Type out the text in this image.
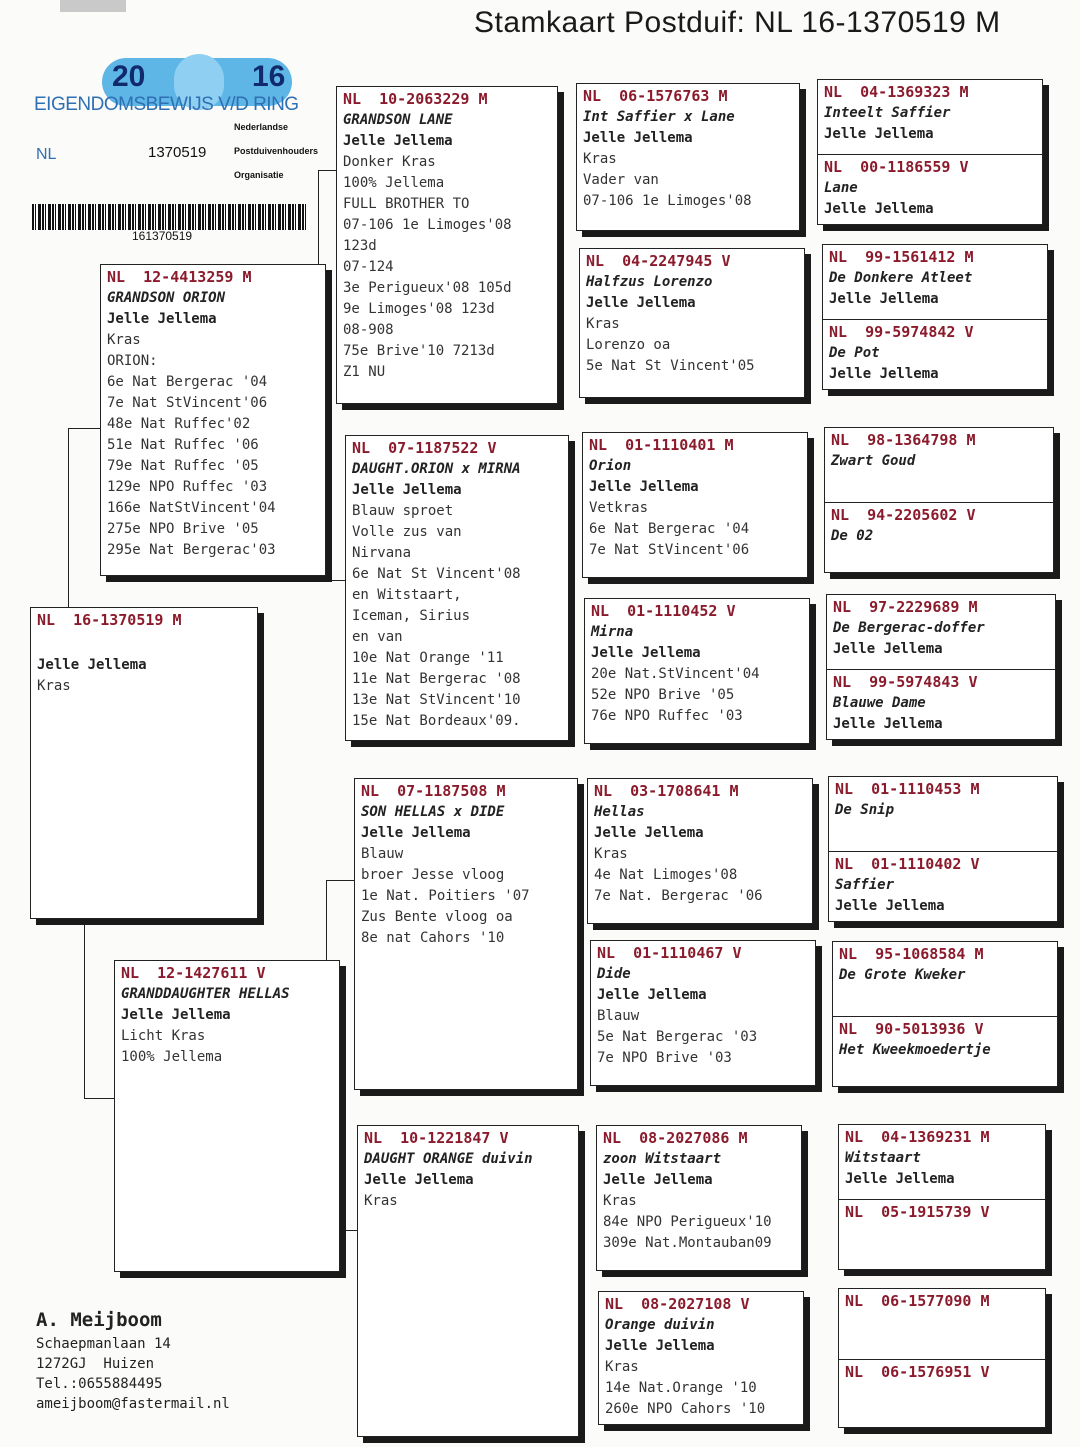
Stamkaart Postduif: NL 16-1370519 M
20	16
EIGENDOMSBEWIJS V/D RING
NL	1370519
Nederlandse
Postduivenhouders
Organisatie
161370519
NL  16-1370519 M
Jelle Jellema
Kras
NL  12-4413259 M
GRANDSON ORION
Jelle Jellema
Kras
ORION:
6e Nat Bergerac '04
7e Nat StVincent'06
48e Nat Ruffec'02
51e Nat Ruffec '06
79e Nat Ruffec '05
129e NPO Ruffec '03
166e NatStVincent'04
275e NPO Brive '05
295e Nat Bergerac'03
NL  12-1427611 V
GRANDDAUGHTER HELLAS
Jelle Jellema
Licht Kras
100% Jellema
NL  10-2063229 M
GRANDSON LANE
Jelle Jellema
Donker Kras
100% Jellema
FULL BROTHER TO
07-106 1e Limoges'08
123d
07-124
3e Perigueux'08 105d
9e Limoges'08 123d
08-908
75e Brive'10 7213d
Z1 NU
NL  07-1187522 V
DAUGHT.ORION x MIRNA
Jelle Jellema
Blauw sproet
Volle zus van
Nirvana
6e Nat St Vincent'08
en Witstaart,
Iceman, Sirius
en van
10e Nat Orange '11
11e Nat Bergerac '08
13e Nat StVincent'10
15e Nat Bordeaux'09.
NL  07-1187508 M
SON HELLAS x DIDE
Jelle Jellema
Blauw
broer Jesse vloog
1e Nat. Poitiers '07
Zus Bente vloog oa
8e nat Cahors '10
NL  10-1221847 V
DAUGHT ORANGE duivin
Jelle Jellema
Kras
NL  06-1576763 M
Int Saffier x Lane
Jelle Jellema
Kras
Vader van
07-106 1e Limoges'08
NL  04-2247945 V
Halfzus Lorenzo
Jelle Jellema
Kras
Lorenzo oa
5e Nat St Vincent'05
NL  01-1110401 M
Orion
Jelle Jellema
Vetkras
6e Nat Bergerac '04
7e Nat StVincent'06
NL  01-1110452 V
Mirna
Jelle Jellema
20e Nat.StVincent'04
52e NPO Brive '05
76e NPO Ruffec '03
NL  03-1708641 M
Hellas
Jelle Jellema
Kras
4e Nat Limoges'08
7e Nat. Bergerac '06
NL  01-1110467 V
Dide
Jelle Jellema
Blauw
5e Nat Bergerac '03
7e NPO Brive '03
NL  08-2027086 M
zoon Witstaart
Jelle Jellema
Kras
84e NPO Perigueux'10
309e Nat.Montauban09
NL  08-2027108 V
Orange duivin
Jelle Jellema
Kras
14e Nat.Orange '10
260e NPO Cahors '10
NL  04-1369323 M
Inteelt Saffier
Jelle Jellema
NL  00-1186559 V
Lane
Jelle Jellema
NL  99-1561412 M
De Donkere Atleet
Jelle Jellema
NL  99-5974842 V
De Pot
Jelle Jellema
NL  98-1364798 M
Zwart Goud
NL  94-2205602 V
De 02
NL  97-2229689 M
De Bergerac-doffer
Jelle Jellema
NL  99-5974843 V
Blauwe Dame
Jelle Jellema
NL  01-1110453 M
De Snip
NL  01-1110402 V
Saffier
Jelle Jellema
NL  95-1068584 M
De Grote Kweker
NL  90-5013936 V
Het Kweekmoedertje
NL  04-1369231 M
Witstaart
Jelle Jellema
NL  05-1915739 V
NL  06-1577090 M
NL  06-1576951 V
A. Meijboom
Schaepmanlaan 14
1272GJ  Huizen
Tel.:0655884495
ameijboom@fastermail.nl
